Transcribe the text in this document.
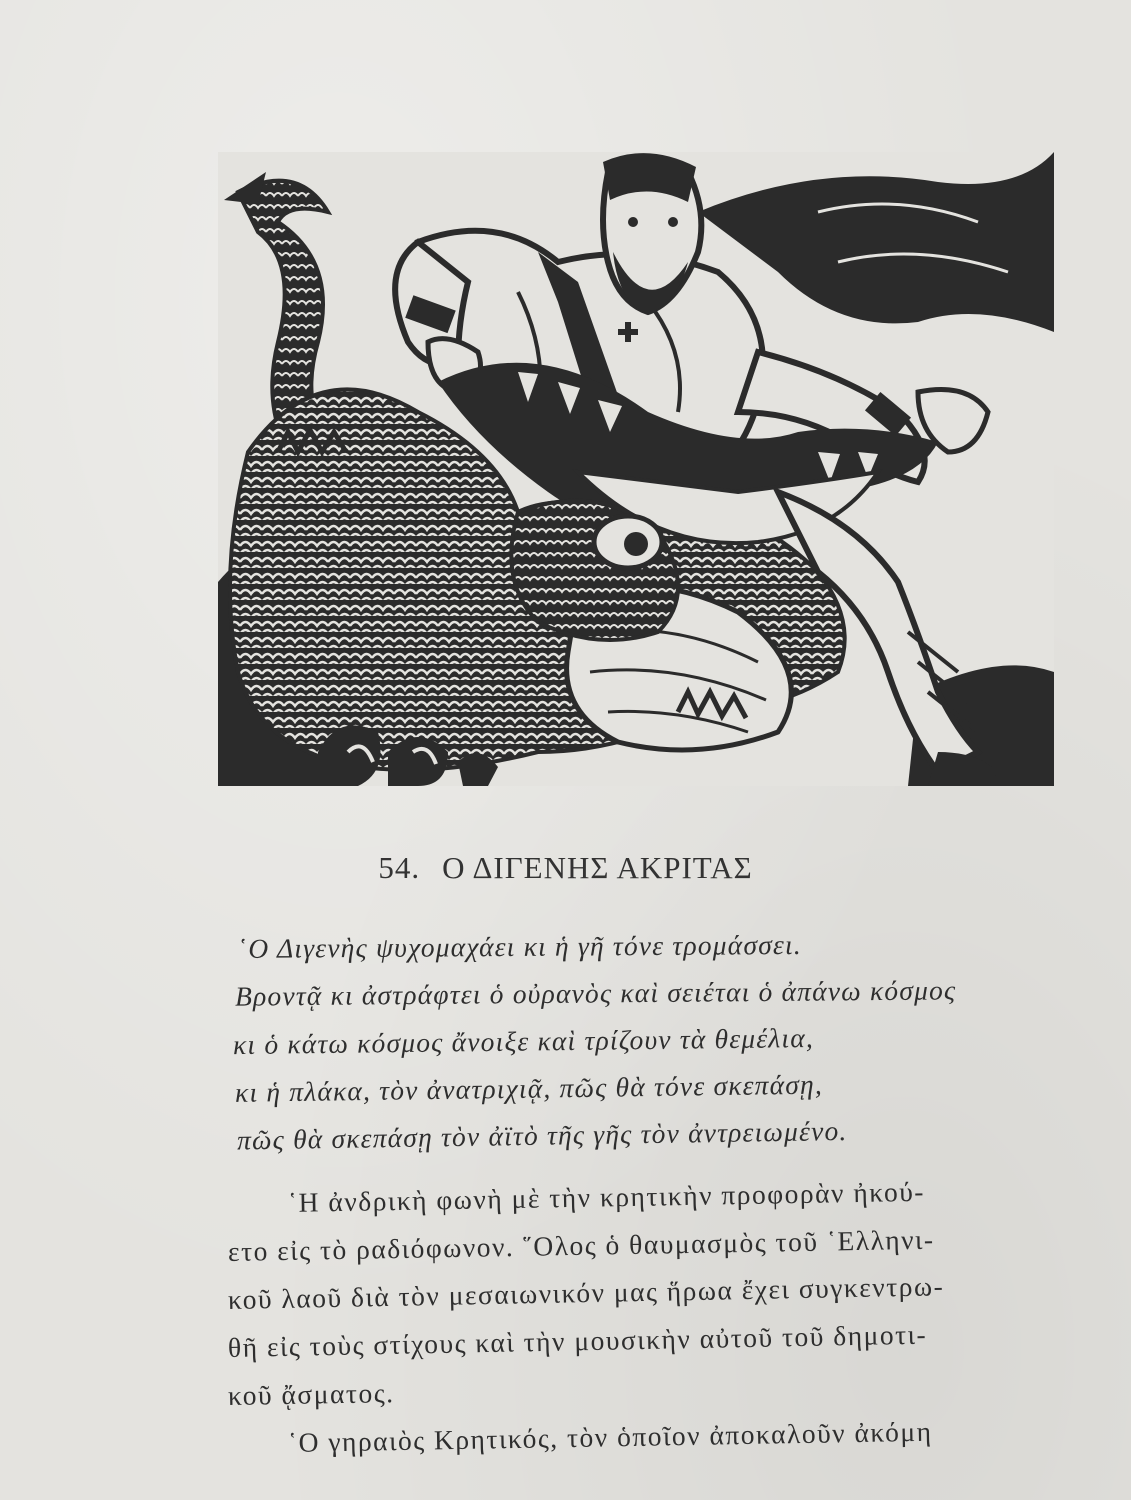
54. Ο ΔΙΓΕΝΗΣ ΑΚΡΙΤΑΣ
῾Ο Διγενὴς ψυχομαχάει κι ἡ γῆ τόνε τρομάσσει.
Βροντᾷ κι ἀστράφτει ὁ οὐρανὸς καὶ σειέται ὁ ἀπάνω κόσμος
κι ὁ κάτω κόσμος ἄνοιξε καὶ τρίζουν τὰ θεμέλια,
κι ἡ πλάκα, τὸν ἀνατριχιᾷ, πῶς θὰ τόνε σκεπάσῃ,
πῶς θὰ σκεπάσῃ τὸν ἀϊτὸ τῆς γῆς τὸν ἀντρειωμένο.
῾Η ἀνδρικὴ φωνὴ μὲ τὴν κρητικὴν προφορὰν ἠκού-
ετο εἰς τὸ ραδιόφωνον. ῞Ολος ὁ θαυμασμὸς τοῦ ῾Ελληνι-
κοῦ λαοῦ διὰ τὸν μεσαιωνικόν μας ἥρωα ἔχει συγκεντρω-
θῆ εἰς τοὺς στίχους καὶ τὴν μουσικὴν αὐτοῦ τοῦ δημοτι-
κοῦ ᾄσματος.
῾Ο γηραιὸς Κρητικός, τὸν ὁποῖον ἀποκαλοῦν ἀκόμη
